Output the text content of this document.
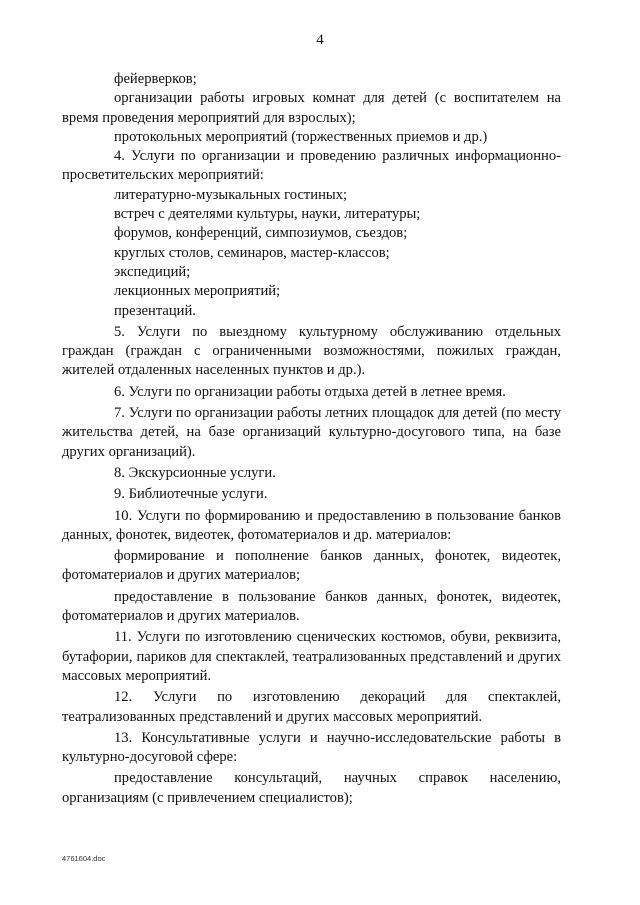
4

фейерверков;

организации работы игровых комнат для детей (с воспитателем на время проведения мероприятий для взрослых);

протокольных мероприятий (торжественных приемов и др.)

4. Услуги по организации и проведению различных информационно-просветительских мероприятий:

литературно-музыкальных гостиных;

встреч с деятелями культуры, науки, литературы;

форумов, конференций, симпозиумов, съездов;

круглых столов, семинаров, мастер-классов;

экспедиций;

лекционных мероприятий;

презентаций.

5. Услуги по выездному культурному обслуживанию отдельных граждан (граждан с ограниченными возможностями, пожилых граждан, жителей отдаленных населенных пунктов и др.).

6. Услуги по организации работы отдыха детей в летнее время.

7. Услуги по организации работы летних площадок для детей (по месту жительства детей, на базе организаций культурно-досугового типа, на базе других организаций).

8. Экскурсионные услуги.

9. Библиотечные услуги.

10. Услуги по формированию и предоставлению в пользование банков данных, фонотек, видеотек, фотоматериалов и др. материалов:

формирование и пополнение банков данных, фонотек, видеотек, фотоматериалов и других материалов;

предоставление в пользование банков данных, фонотек, видеотек, фотоматериалов и других материалов.

11. Услуги по изготовлению сценических костюмов, обуви, реквизита, бутафории, париков для спектаклей, театрализованных представлений и других массовых мероприятий.

12. Услуги по изготовлению декораций для спектаклей, театрализованных представлений и других массовых мероприятий.

13. Консультативные услуги и научно-исследовательские работы в культурно-досуговой сфере:

предоставление консультаций, научных справок населению, организациям (с привлечением специалистов);

4761604.doc
